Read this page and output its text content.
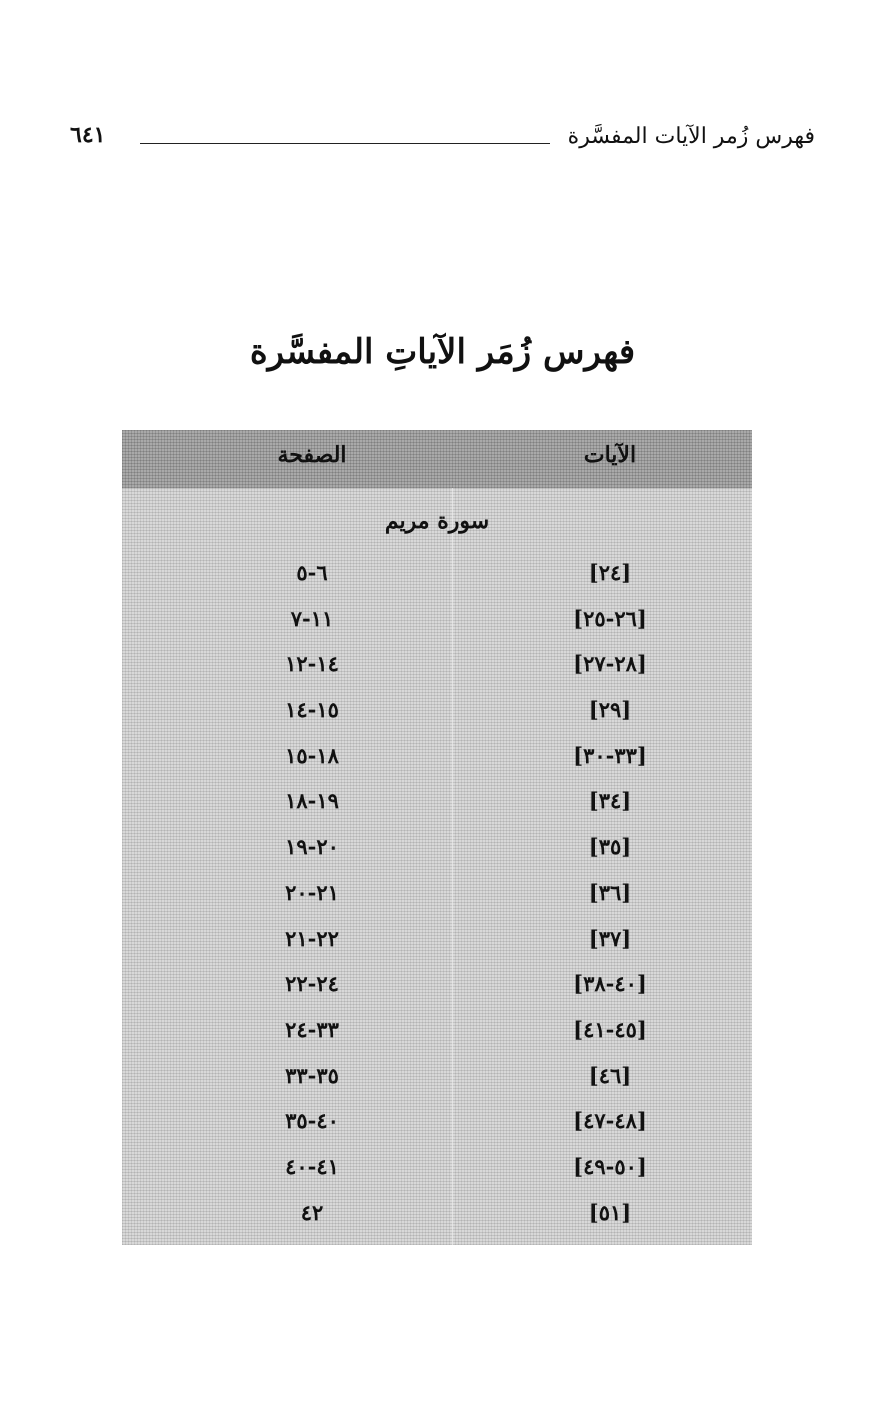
٦٤١	فهرس زُمر الآيات المفسَّرة
فهرس زُمَر الآياتِ المفسَّرة
الآيات
الصفحة
سورة مريم
[٢٤]
٦-٥
[٢٦-٢٥]
١١-٧
[٢٨-٢٧]
١٤-١٢
[٢٩]
١٥-١٤
[٣٣-٣٠]
١٨-١٥
[٣٤]
١٩-١٨
[٣٥]
٢٠-١٩
[٣٦]
٢١-٢٠
[٣٧]
٢٢-٢١
[٤٠-٣٨]
٢٤-٢٢
[٤٥-٤١]
٣٣-٢٤
[٤٦]
٣٥-٣٣
[٤٨-٤٧]
٤٠-٣٥
[٥٠-٤٩]
٤١-٤٠
[٥١]
٤٢
